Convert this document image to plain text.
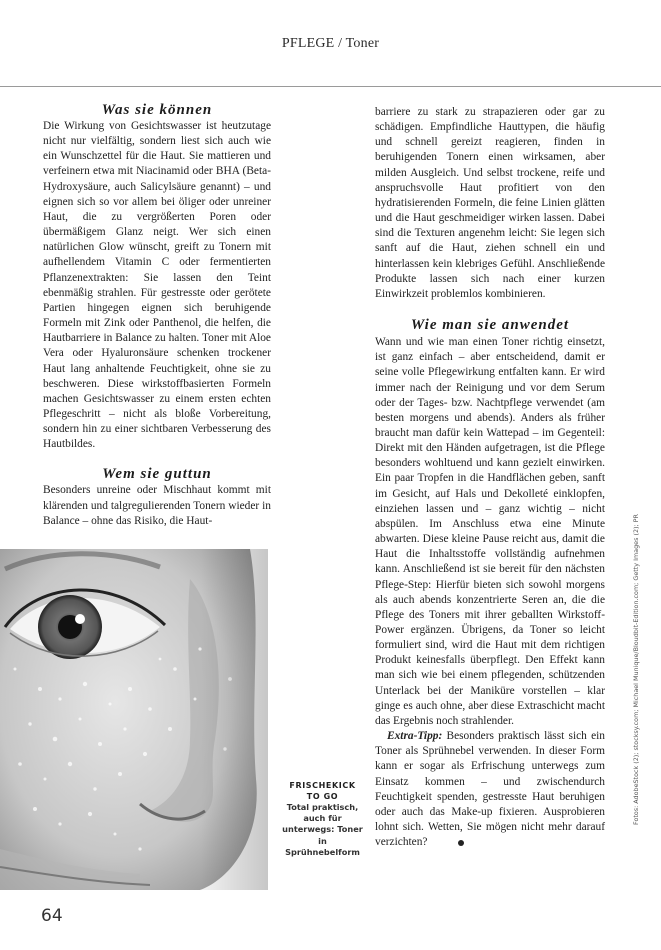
PFLEGE / Toner
Was sie können

Die Wirkung von Gesichtswasser ist heutzutage nicht nur vielfältig, sondern liest sich auch wie ein Wunschzettel für die Haut. Sie mattieren und verfeinern etwa mit Niacinamid oder BHA (Beta-Hydroxysäure, auch Salicylsäure genannt) – und eignen sich so vor allem bei öliger oder unreiner Haut, die zu vergrößerten Poren oder übermäßigem Glanz neigt. Wer sich einen natürlichen Glow wünscht, greift zu Tonern mit aufhellendem Vitamin C oder fermentierten Pflanzenextrakten: Sie lassen den Teint ebenmäßig strahlen. Für gestresste oder gerötete Partien hingegen eignen sich beruhigende Formeln mit Zink oder Panthenol, die helfen, die Hautbarriere in Balance zu halten. Toner mit Aloe Vera oder Hyaluronsäure schenken trockener Haut lang anhaltende Feuchtigkeit, ohne sie zu beschweren. Diese wirkstoffbasierten Formeln machen Gesichtswasser zu einem ersten echten Pflegeschritt – nicht als bloße Vorbereitung, sondern hin zu einer sichtbaren Verbesserung des Hautbildes.

Wem sie guttun

Besonders unreine oder Mischhaut kommt mit klärenden und talgregulierenden Tonern wieder in Balance – ohne das Risiko, die Haut-

barriere zu stark zu strapazieren oder gar zu schädigen. Empfindliche Hauttypen, die häufig und schnell gereizt reagieren, finden in beruhigenden Tonern einen wirksamen, aber milden Ausgleich. Und selbst trockene, reife und anspruchsvolle Haut profitiert von den hydratisierenden Formeln, die feine Linien glätten und die Haut geschmeidiger wirken lassen. Dabei sind die Texturen angenehm leicht: Sie legen sich sanft auf die Haut, ziehen schnell ein und hinterlassen kein klebriges Gefühl. Anschließende Produkte lassen sich nach einer kurzen Einwirkzeit problemlos kombinieren.

Wie man sie anwendet

Wann und wie man einen Toner richtig einsetzt, ist ganz einfach – aber entscheidend, damit er seine volle Pflegewirkung entfalten kann. Er wird immer nach der Reinigung und vor dem Serum oder der Tages- bzw. Nachtpflege verwendet (am besten morgens und abends). Anders als früher braucht man dafür kein Wattepad – im Gegenteil: Direkt mit den Händen aufgetragen, ist die Pflege besonders wohltuend und kann gezielt einwirken. Ein paar Tropfen in die Handflächen geben, sanft im Gesicht, auf Hals und Dekolleté einklopfen, einziehen lassen und – ganz wichtig – nicht abspülen. Im Anschluss etwa eine Minute abwarten. Diese kleine Pause reicht aus, damit die Haut die Inhaltsstoffe vollständig aufnehmen kann. Anschließend ist sie bereit für den nächsten Pflege-Step: Hierfür bieten sich sowohl morgens als auch abends konzentrierte Seren an, die die Pflege des Toners mit ihrer geballten Wirkstoff-Power ergänzen. Übrigens, da Toner so leicht formuliert sind, wird die Haut mit dem richtigen Produkt keinesfalls überpflegt. Den Effekt kann man sich wie bei einem pflegenden, schützenden Unterlack bei der Maniküre vorstellen – klar ginge es auch ohne, aber diese Extraschicht macht das Ergebnis noch strahlender.

Extra-Tipp: Besonders praktisch lässt sich ein Toner als Sprühnebel verwenden. In dieser Form kann er sogar als Erfrischung unterwegs zum Einsatz kommen – und zwischendurch Feuchtigkeit spenden, gestresste Haut beruhigen oder auch das Make-up fixieren. Ausprobieren lohnt sich. Wetten, Sie mögen nicht mehr darauf verzichten?

FRISCHEKICK
TO GO
Total praktisch, auch für unterwegs: Toner in Sprühnebelform
Fotos: AdobeStock (2); stocksy.com; Michael Munique/Bloudbit-Edition.com; Getty Images (2); PR
64
